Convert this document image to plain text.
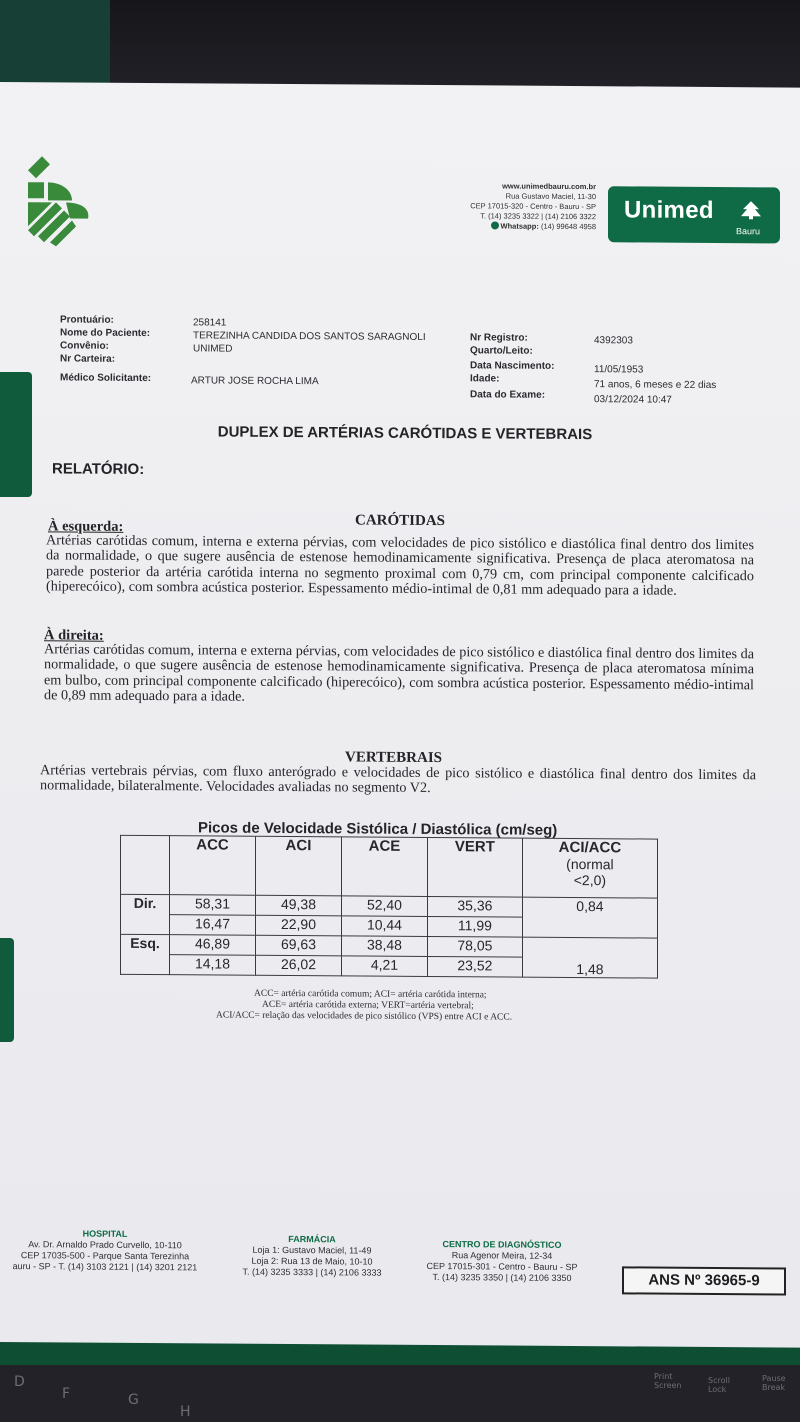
www.unimedbauru.com.br
Rua Gustavo Maciel, 11-30
CEP 17015-320 - Centro - Bauru - SP
T. (14) 3235 3322 | (14) 2106 3322
Whatsapp: (14) 99648 4958
Unimed
Bauru
Prontuário:	258141
Nome do Paciente:	TEREZINHA CANDIDA DOS SANTOS SARAGNOLI
Convênio:	UNIMED
Nr Carteira:
Médico Solicitante:	ARTUR JOSE ROCHA LIMA
Nr Registro:	4392303
Quarto/Leito:
Data Nascimento:	11/05/1953
Idade:
71 anos, 6 meses e 22 dias
Data do Exame:	03/12/2024 10:47
DUPLEX DE ARTÉRIAS CARÓTIDAS E VERTEBRAIS
RELATÓRIO:
CARÓTIDAS
À esquerda:
Artérias carótidas comum, interna e externa pérvias, com velocidades de pico sistólico e diastólica final dentro dos limites da normalidade, o que sugere ausência de estenose hemodinamicamente significativa. Presença de placa ateromatosa na parede posterior da artéria carótida interna no segmento proximal com 0,79 cm, com principal componente calcificado (hiperecóico), com sombra acústica posterior. Espessamento médio-intimal de 0,81 mm adequado para a idade.
À direita:
Artérias carótidas comum, interna e externa pérvias, com velocidades de pico sistólico e diastólica final dentro dos limites da normalidade, o que sugere ausência de estenose hemodinamicamente significativa. Presença de placa ateromatosa mínima em bulbo, com principal componente calcificado (hiperecóico), com sombra acústica posterior. Espessamento médio-intimal de 0,89 mm adequado para a idade.
VERTEBRAIS
Artérias vertebrais pérvias, com fluxo anterógrado e velocidades de pico sistólico e diastólica final dentro dos limites da normalidade, bilateralmente. Velocidades avaliadas no segmento V2.
Picos de Velocidade Sistólica / Diastólica (cm/seg)
	ACC	ACI	ACE	VERT	ACI/ACC
(normal
<2,0)

Dir.	58,31	49,38	52,40	35,36	0,84
	16,47	22,90	10,44	11,99	
Esq.	46,89	69,63	38,48	78,05	1,48
	14,18	26,02	4,21	23,52	
ACC= artéria carótida comum; ACI= artéria carótida interna;
ACE= artéria carótida externa; VERT=artéria vertebral;
ACI/ACC= relação das velocidades de pico sistólico (VPS) entre ACI e ACC.
HOSPITAL
Av. Dr. Arnaldo Prado Curvello, 10-110
CEP 17035-500 - Parque Santa Terezinha
auru - SP - T. (14) 3103 2121 | (14) 3201 2121
FARMÁCIA
Loja 1: Gustavo Maciel, 11-49
Loja 2: Rua 13 de Maio, 10-10
T. (14) 3235 3333 | (14) 2106 3333
CENTRO DE DIAGNÓSTICO
Rua Agenor Meira, 12-34
CEP 17015-301 - Centro - Bauru - SP
T. (14) 3235 3350 | (14) 2106 3350	ANS Nº 36965-9
D
F	G
H
Print Screen
Scroll Lock
Pause Break
